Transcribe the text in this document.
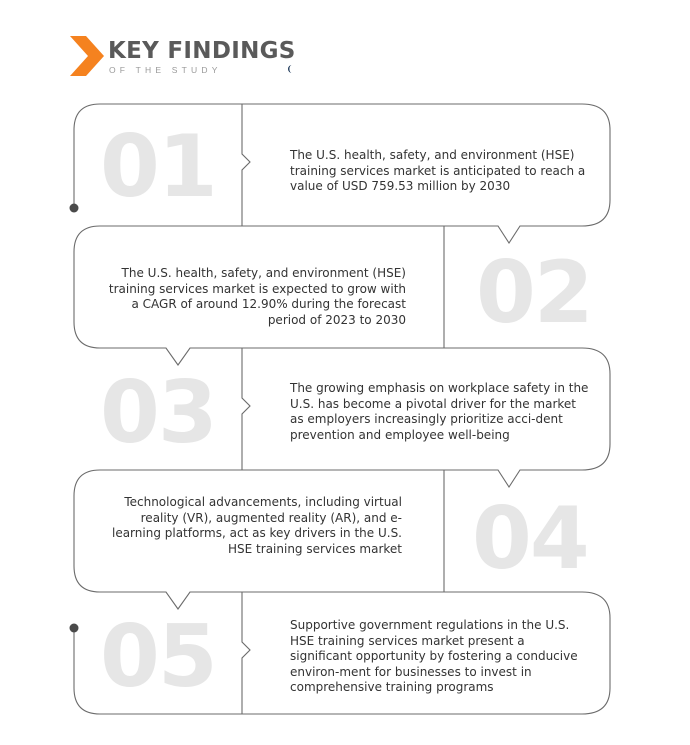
KEY FINDINGS
OF THE STUDY
01
02
03
04
05
The U.S. health, safety, and environment (HSE) training services market is anticipated to reach a value of USD 759.53 million by 2030
The U.S. health, safety, and environment (HSE) training services market is expected to grow with a CAGR of around 12.90% during the forecast period of 2023 to 2030
The growing emphasis on workplace safety in the U.S. has become a pivotal driver for the market as employers increasingly prioritize acci-dent prevention and employee well-being
Technological advancements, including virtual reality (VR), augmented reality (AR), and e-learning platforms, act as key drivers in the U.S. HSE training services market
Supportive government regulations in the U.S. HSE training services market present a significant opportunity by fostering a conducive environ-ment for businesses to invest in comprehensive training programs
